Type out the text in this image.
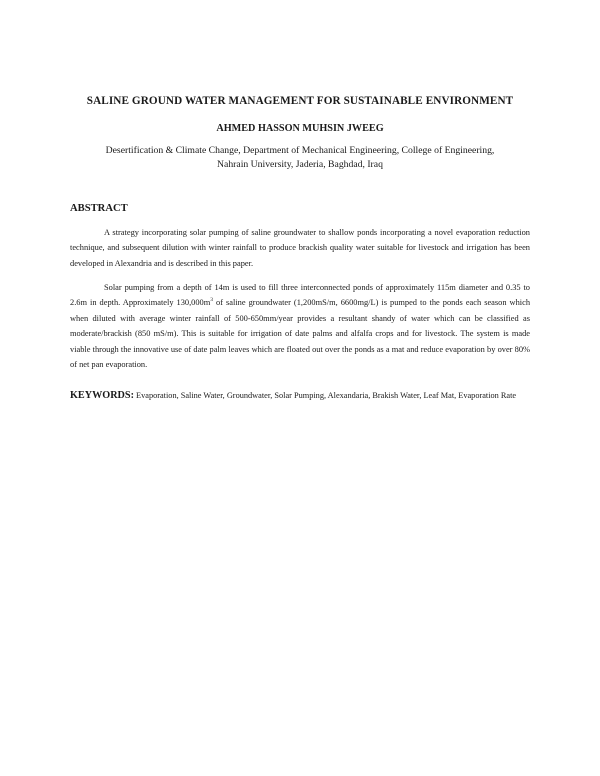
SALINE GROUND WATER MANAGEMENT FOR SUSTAINABLE ENVIRONMENT
AHMED HASSON MUHSIN JWEEG
Desertification & Climate Change, Department of Mechanical Engineering, College of Engineering,
Nahrain University, Jaderia, Baghdad, Iraq
ABSTRACT

A strategy incorporating solar pumping of saline groundwater to shallow ponds incorporating a novel evaporation reduction technique, and subsequent dilution with winter rainfall to produce brackish quality water suitable for livestock and irrigation has been developed in Alexandria and is described in this paper.

Solar pumping from a depth of 14m is used to fill three interconnected ponds of approximately 115m diameter and 0.35 to 2.6m in depth. Approximately $130,000m^3$ of saline groundwater (1,200mS/m, 6600mg/L) is pumped to the ponds each season which when diluted with average winter rainfall of 500-650mm/year provides a resultant shandy of water which can be classified as moderate/brackish (850 mS/m). This is suitable for irrigation of date palms and alfalfa crops and for livestock. The system is made viable through the innovative use of date palm leaves which are floated out over the ponds as a mat and reduce evaporation by over 80% of net pan evaporation.

KEYWORDS: Evaporation, Saline Water, Groundwater, Solar Pumping, Alexandaria, Brakish Water, Leaf Mat, Evaporation Rate
